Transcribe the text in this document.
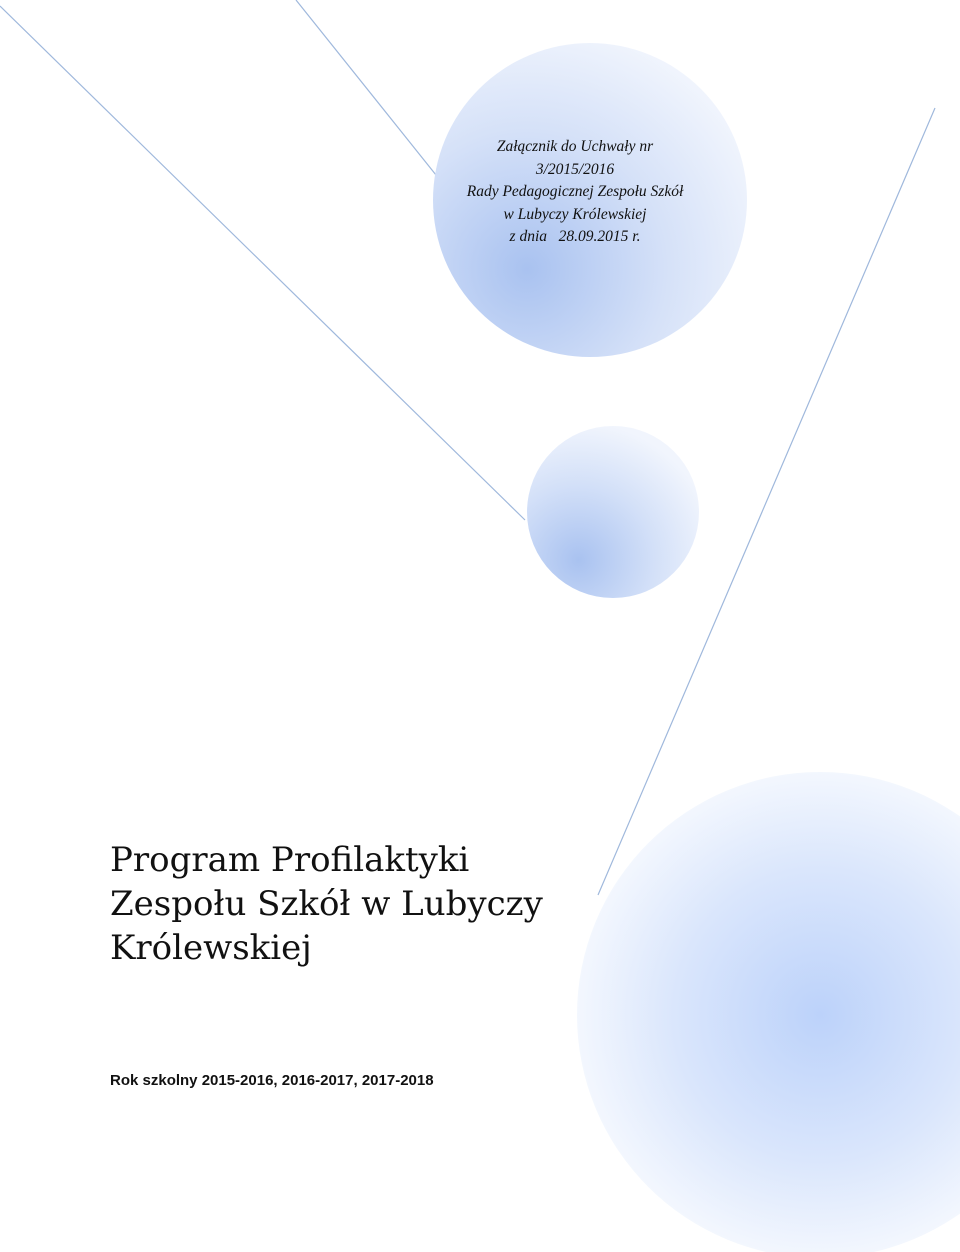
Załącznik do Uchwały nr
3/2015/2016
Rady Pedagogicznej Zespołu Szkół
w Lubyczy Królewskiej
z dnia   28.09.2015 r.
Program Profilaktyki
Zespołu Szkół w Lubyczy
Królewskiej
Rok szkolny 2015-2016, 2016-2017, 2017-2018
